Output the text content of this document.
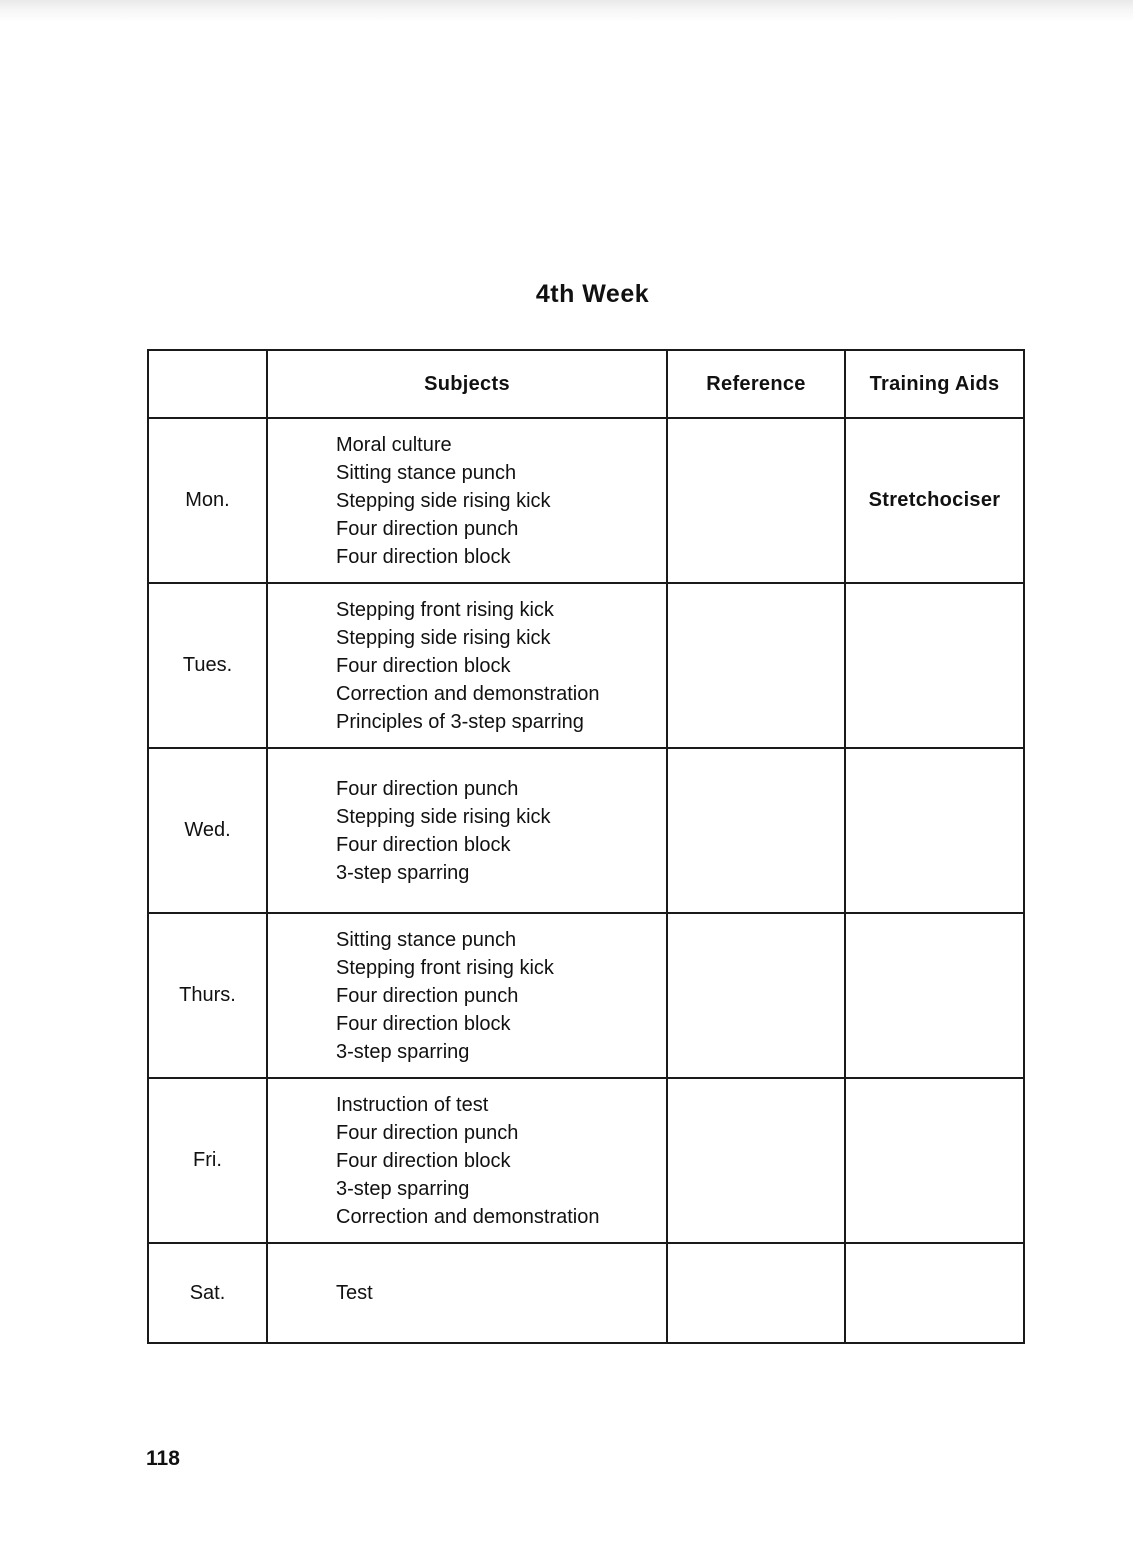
4th Week
	Subjects	Reference	Training Aids
Mon.	Moral culture
Sitting stance punch
Stepping side rising kick
Four direction punch
Four direction block		Stretchociser
Tues.	Stepping front rising kick
Stepping side rising kick
Four direction block
Correction and demonstration
Principles of 3-step sparring		

Wed.	Four direction punch
Stepping side rising kick
Four direction block
3-step sparring		

Thurs.	Sitting stance punch
Stepping front rising kick
Four direction punch
Four direction block
3-step sparring		

Fri.	Instruction of test
Four direction punch
Four direction block
3-step sparring
Correction and demonstration		

Sat.	Test		

118
